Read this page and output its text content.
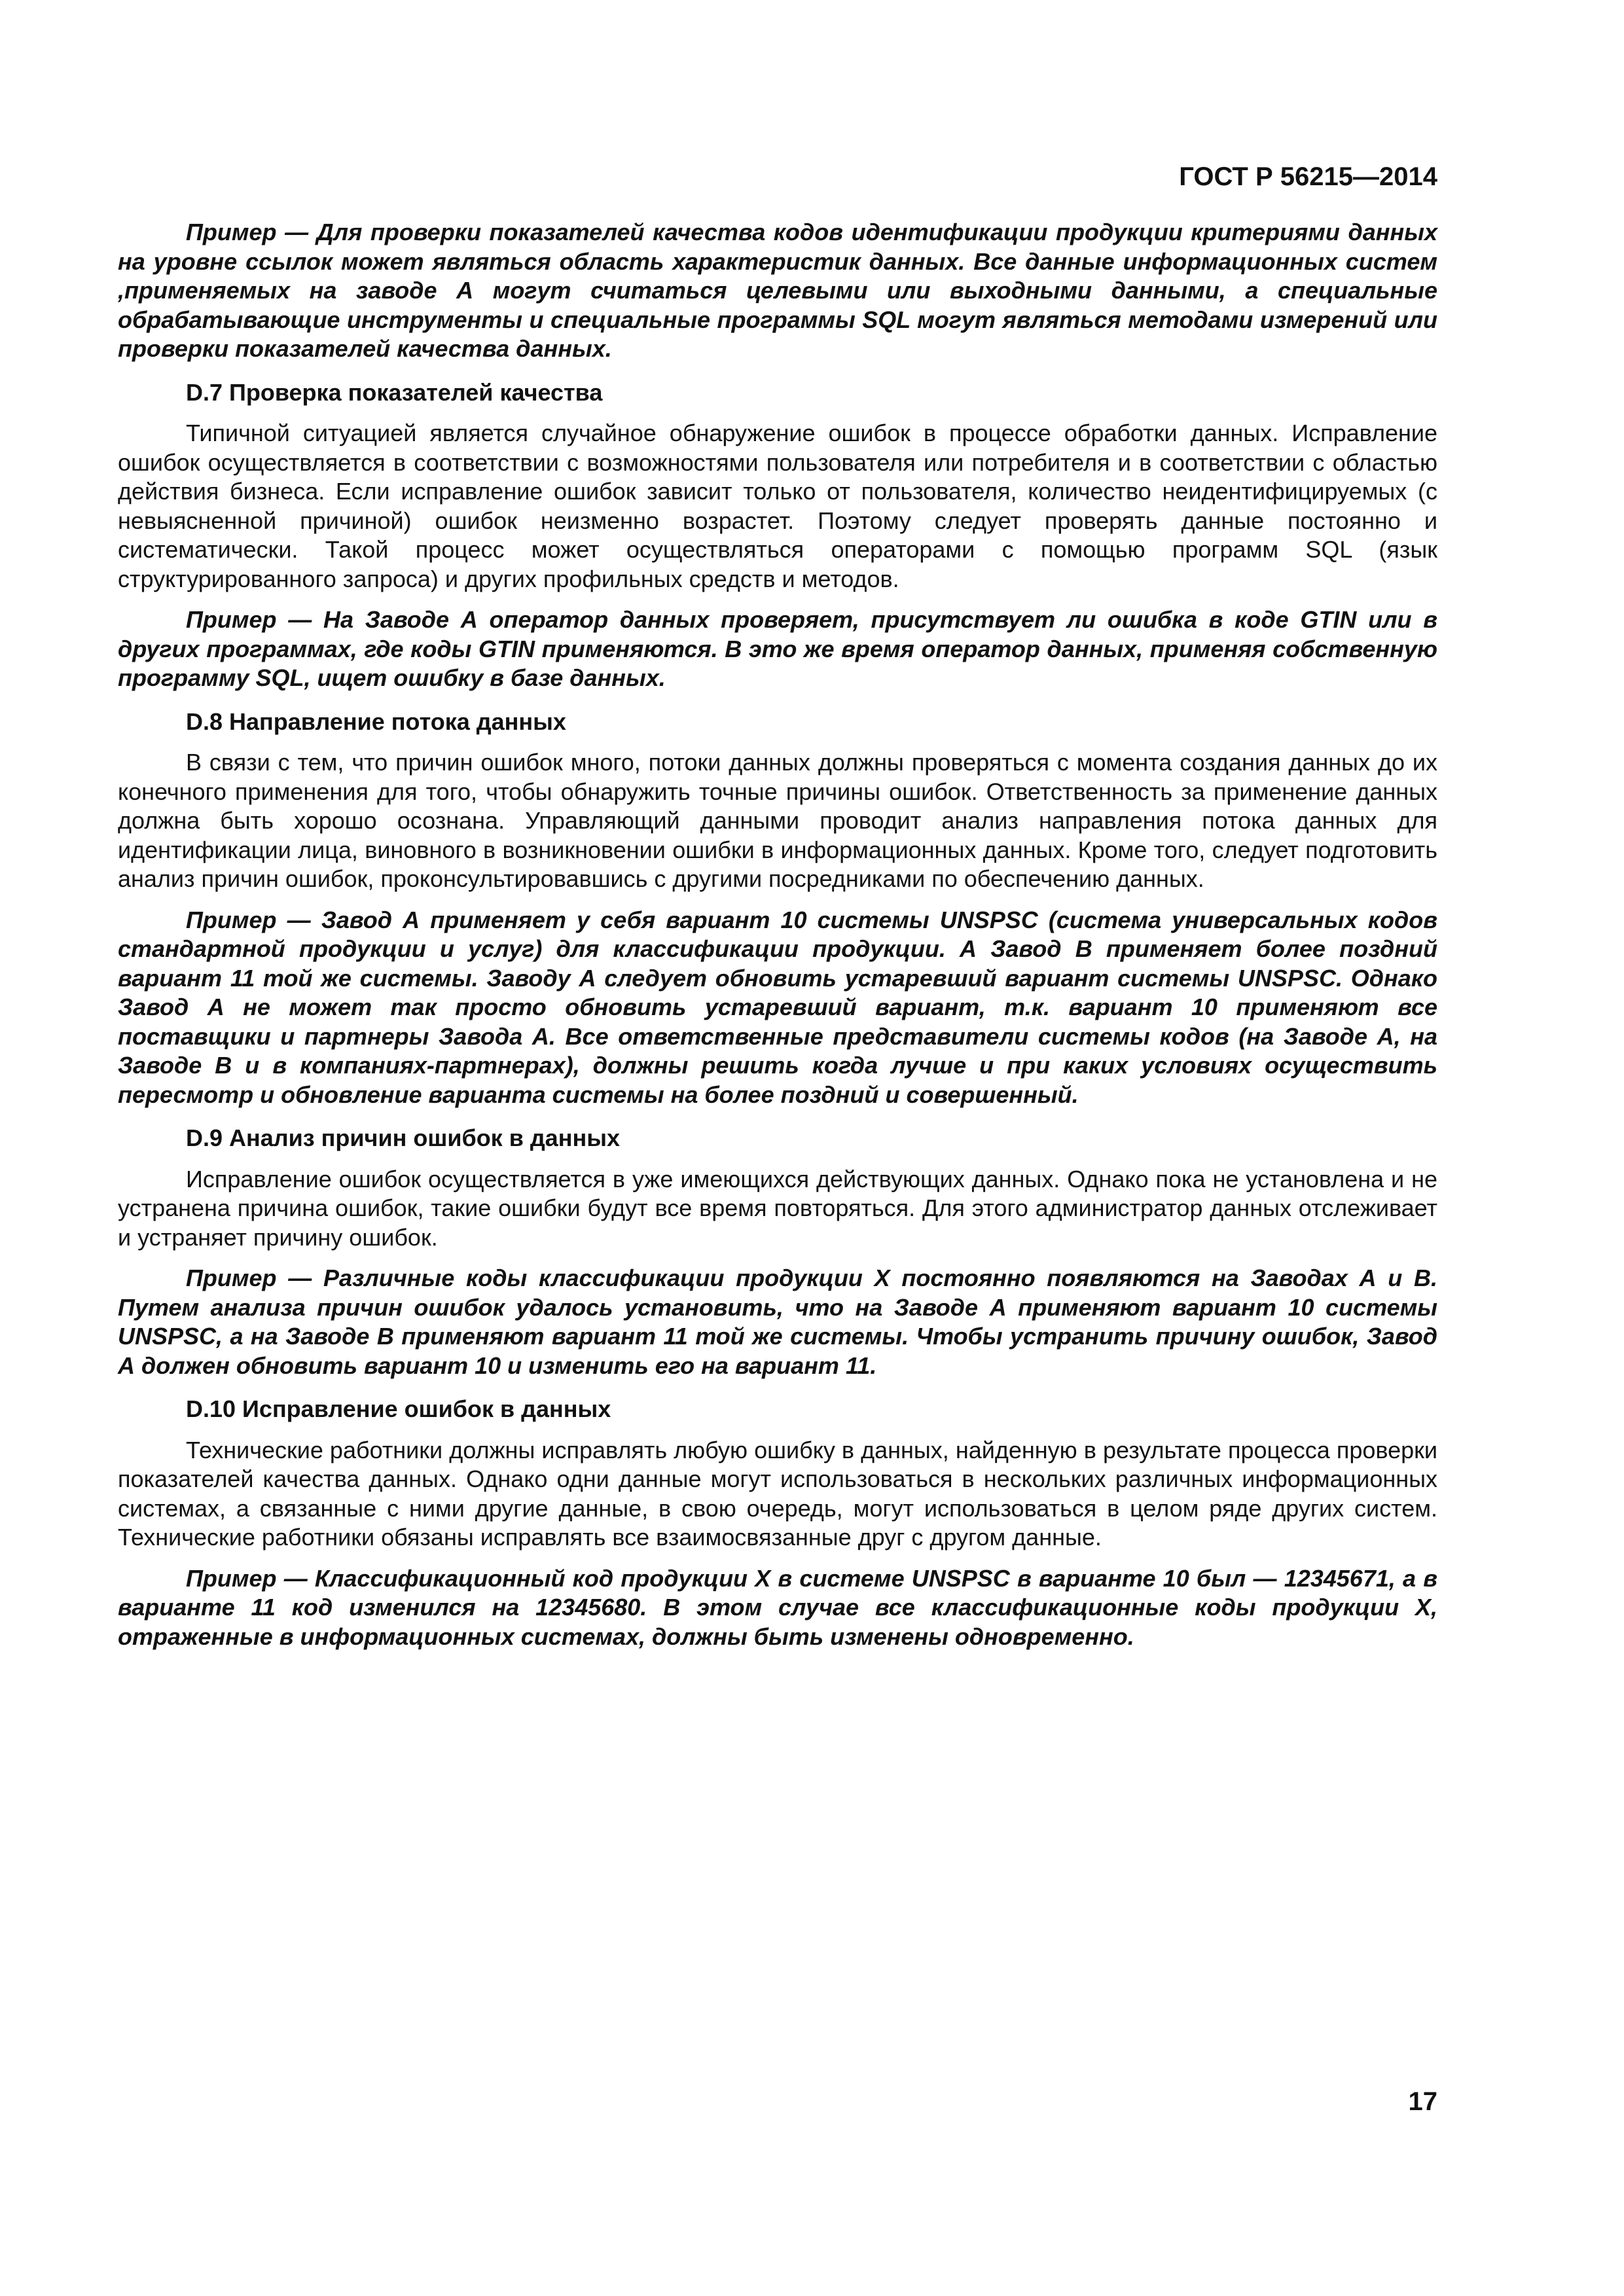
ГОСТ Р 56215—2014

Пример — Для проверки показателей качества кодов идентификации продукции критериями данных на уровне ссылок может являться область характеристик данных. Все данные информационных систем ,применяемых на заводе А могут считаться целевыми или выходными данными, а специальные обрабатывающие инструменты и специальные программы SQL могут являться методами измерений или проверки показателей качества данных.

D.7 Проверка показателей качества

Типичной ситуацией является случайное обнаружение ошибок в процессе обработки данных. Исправление ошибок осуществляется в соответствии с возможностями пользователя или потребителя и в соответствии с областью действия бизнеса. Если исправление ошибок зависит только от пользователя, количество неидентифицируемых (с невыясненной причиной) ошибок неизменно возрастет. Поэтому следует проверять данные постоянно и систематически. Такой процесс может осуществляться операторами с помощью программ SQL (язык структурированного запроса) и других профильных средств и методов.

Пример — На Заводе А оператор данных проверяет, присутствует ли ошибка в коде GTIN или в других программах, где коды GTIN применяются. В это же время оператор данных, применяя собственную программу SQL, ищет ошибку в базе данных.

D.8 Направление потока данных

В связи с тем, что причин ошибок много, потоки данных должны проверяться с момента создания данных до их конечного применения для того, чтобы обнаружить точные причины ошибок. Ответственность за применение данных должна быть хорошо осознана. Управляющий данными проводит анализ направления потока данных для идентификации лица, виновного в возникновении ошибки в информационных данных. Кроме того, следует подготовить анализ причин ошибок, проконсультировавшись с другими посредниками по обеспечению данных.

Пример — Завод А применяет у себя вариант 10 системы UNSPSC (система универсальных кодов стандартной продукции и услуг) для классификации продукции. А Завод В применяет более поздний вариант 11 той же системы. Заводу А следует обновить устаревший вариант системы UNSPSC. Однако Завод А не может так просто обновить устаревший вариант, т.к. вариант 10 применяют все поставщики и партнеры Завода А. Все ответственные представители системы кодов (на Заводе А, на Заводе В и в компаниях-партнерах), должны решить когда лучше и при каких условиях осуществить пересмотр и обновление варианта системы на более поздний и совершенный.

D.9 Анализ причин ошибок в данных

Исправление ошибок осуществляется в уже имеющихся действующих данных. Однако пока не установлена и не устранена причина ошибок, такие ошибки будут все время повторяться. Для этого администратор данных отслеживает и устраняет причину ошибок.

Пример — Различные коды классификации продукции X постоянно появляются на Заводах А и В. Путем анализа причин ошибок удалось установить, что на Заводе А применяют вариант 10 системы UNSPSC, а на Заводе В применяют вариант 11 той же системы. Чтобы устранить причину ошибок, Завод А должен обновить вариант 10 и изменить его на вариант 11.

D.10 Исправление ошибок в данных

Технические работники должны исправлять любую ошибку в данных, найденную в результате процесса проверки показателей качества данных. Однако одни данные могут использоваться в нескольких различных информационных системах, а связанные с ними другие данные, в свою очередь, могут использоваться в целом ряде других систем. Технические работники обязаны исправлять все взаимосвязанные друг с другом данные.

Пример — Классификационный код продукции X в системе UNSPSC в варианте 10 был — 12345671, а в варианте 11 код изменился на 12345680. В этом случае все классификационные коды продукции X, отраженные в информационных системах, должны быть изменены одновременно.

17
